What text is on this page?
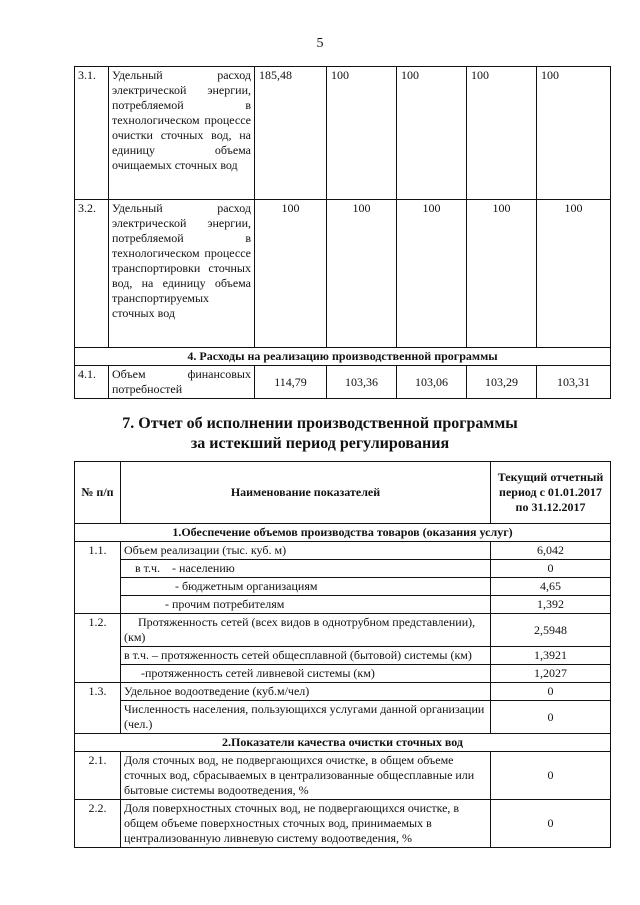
5
3.1.	Удельный расход электрической энергии, потребляемой в технологическом процессе очистки сточных вод, на единицу объема очищаемых сточных вод	185,48	100	100	100	100
3.2.	Удельный расход электрической энергии, потребляемой в технологическом процессе транспортировки сточных вод, на единицу объема транспортируемых сточных вод	100	100	100	100	100
4. Расходы на реализацию производственной программы						
4.1.	Объем финансовых потребностей	114,79	103,36	103,06	103,29	103,31
7. Отчет об исполнении производственной программы
за истекший период регулирования
№ п/п	Наименование показателей	Текущий отчетный период с 01.01.2017 по 31.12.2017
1.Обеспечение объемов производства товаров (оказания услуг)		
1.1.	Объем реализации (тыс. куб. м)	6,042
	в т.ч. - населению	0
	- бюджетным организациям	4,65
	- прочим потребителям	1,392
1.2.	Протяженность сетей (всех видов в однотрубном представлении), (км)	2,5948
	в т.ч. – протяженность сетей общесплавной (бытовой) системы (км)	1,3921
	-протяженность сетей ливневой системы (км)	1,2027
1.3.	Удельное водоотведение (куб.м/чел)	0
	Численность населения, пользующихся услугами данной организации (чел.)	0
2.Показатели качества очистки сточных вод		
2.1.	Доля сточных вод, не подвергающихся очистке, в общем объеме сточных вод, сбрасываемых в централизованные общесплавные или бытовые системы водоотведения, %	0
2.2.	Доля поверхностных сточных вод, не подвергающихся очистке, в общем объеме поверхностных сточных вод, принимаемых в централизованную ливневую систему водоотведения, %	0
